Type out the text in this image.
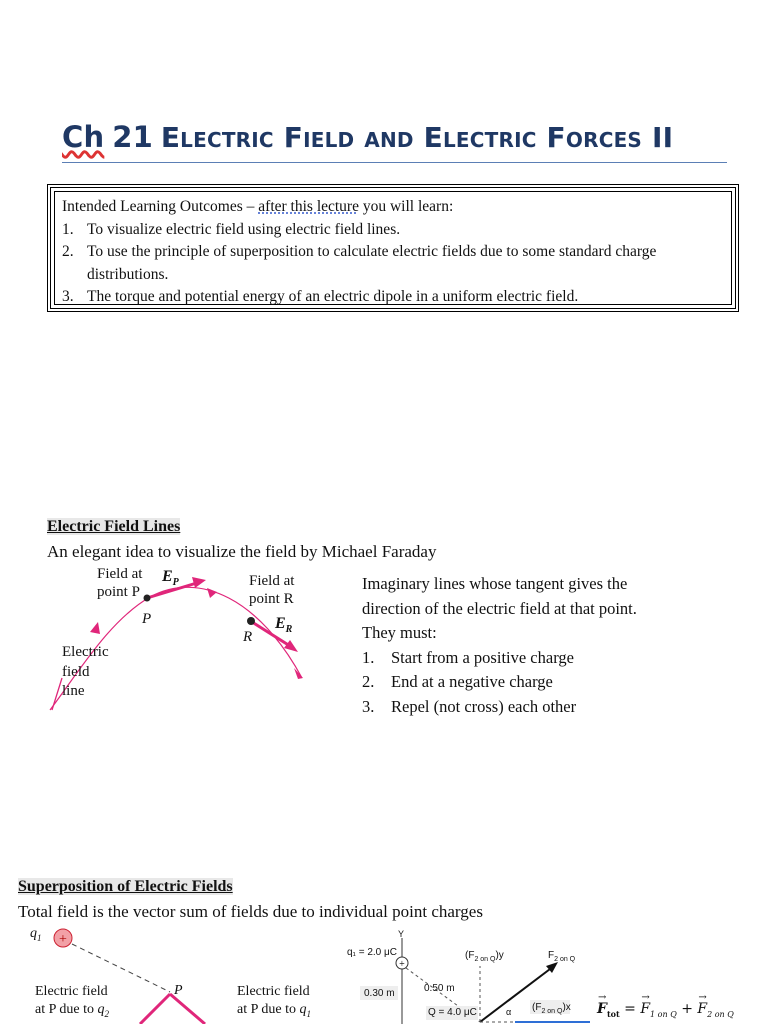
Ch 21 Electric Field and Electric Forces II
Intended Learning Outcomes – after this lecture you will learn:
1. To visualize electric field using electric field lines.
2. To use the principle of superposition to calculate electric fields due to some standard charge distributions.
3. The torque and potential energy of an electric dipole in a uniform electric field.
Electric Field Lines
An elegant idea to visualize the field by Michael Faraday
Field at
point P
$E_P$
P
Field at
point R
$E_R$
R
Electric
field
line
Imaginary lines whose tangent gives the
direction of the electric field at that point.
They must:
1.	Start from a positive charge
2.	End at a negative charge
3.	Repel (not cross) each other
Superposition of Electric Fields
Total field is the vector sum of fields due to individual point charges
+
$q_1$
P
Electric field
at P due to $q_2$
Electric field
at P due to $q_1$
+
Y
q₁ = 2.0 μC	$(F_{2 on Q})y$	$F_{2 on Q}$
0.30 m	0.50 m
Q = 4.0 μC	α $(F_{2 on Q})x$
→
$F_{tot}$ =
→
$F_{1 on Q}$ +
→
$F_{2 on Q}$
